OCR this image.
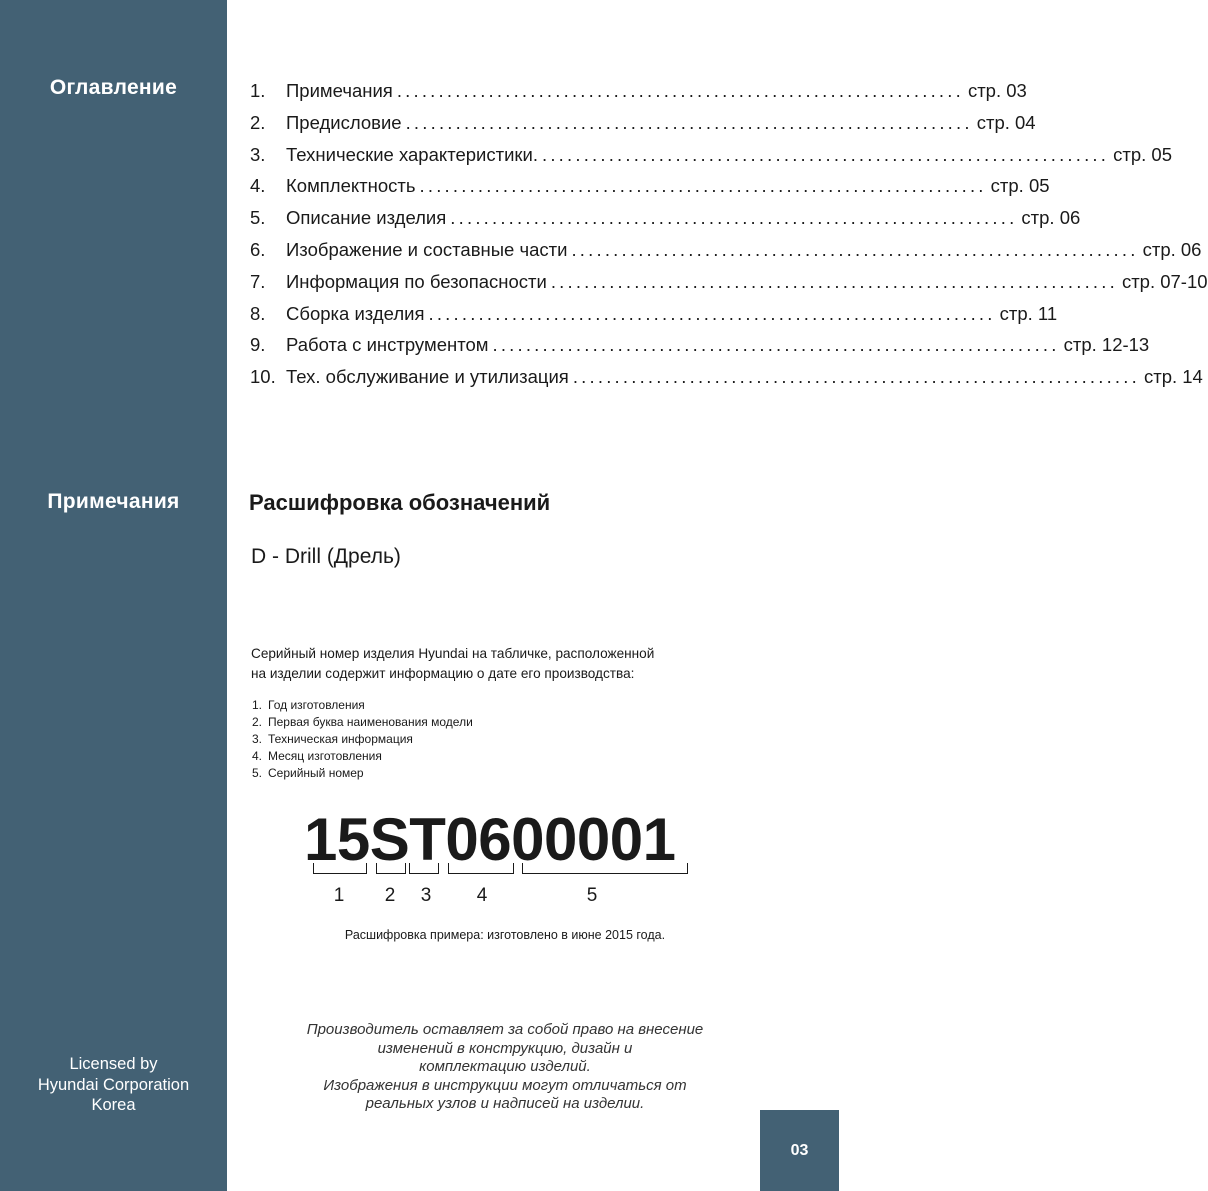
Оглавление
Примечания
Licensed by
Hyundai Corporation
Korea
1.	Примечания .................................................................... стр. 03
2.	Предисловие .................................................................... стр. 04
3.	Технические характеристики. .................................................................... стр. 05
4.	Комплектность .................................................................... стр. 05
5.	Описание изделия .................................................................... стр. 06
6.	Изображение и составные части .................................................................... стр. 06
7.	Информация по безопасности .................................................................... стр. 07-10
8.	Сборка изделия .................................................................... стр. 11
9.	Работа с инструментом .................................................................... стр. 12-13
10. Тех. обслуживание и утилизация .................................................................... стр. 14
Расшифровка обозначений
D - Drill (Дрель)
Серийный номер изделия Hyundai на табличке, расположенной
на изделии содержит информацию о дате его производства:
1. Год изготовления
2. Первая буква наименования модели
3. Техническая информация
4. Месяц изготовления
5. Серийный номер
15ST0600001
1 2 3 4	5
Расшифровка примера: изготовлено в июне 2015 года.
Производитель оставляет за собой право на внесение
изменений в конструкцию, дизайн и
комплектацию изделий.
Изображения в инструкции могут отличаться от
реальных узлов и надписей на изделии.
03
